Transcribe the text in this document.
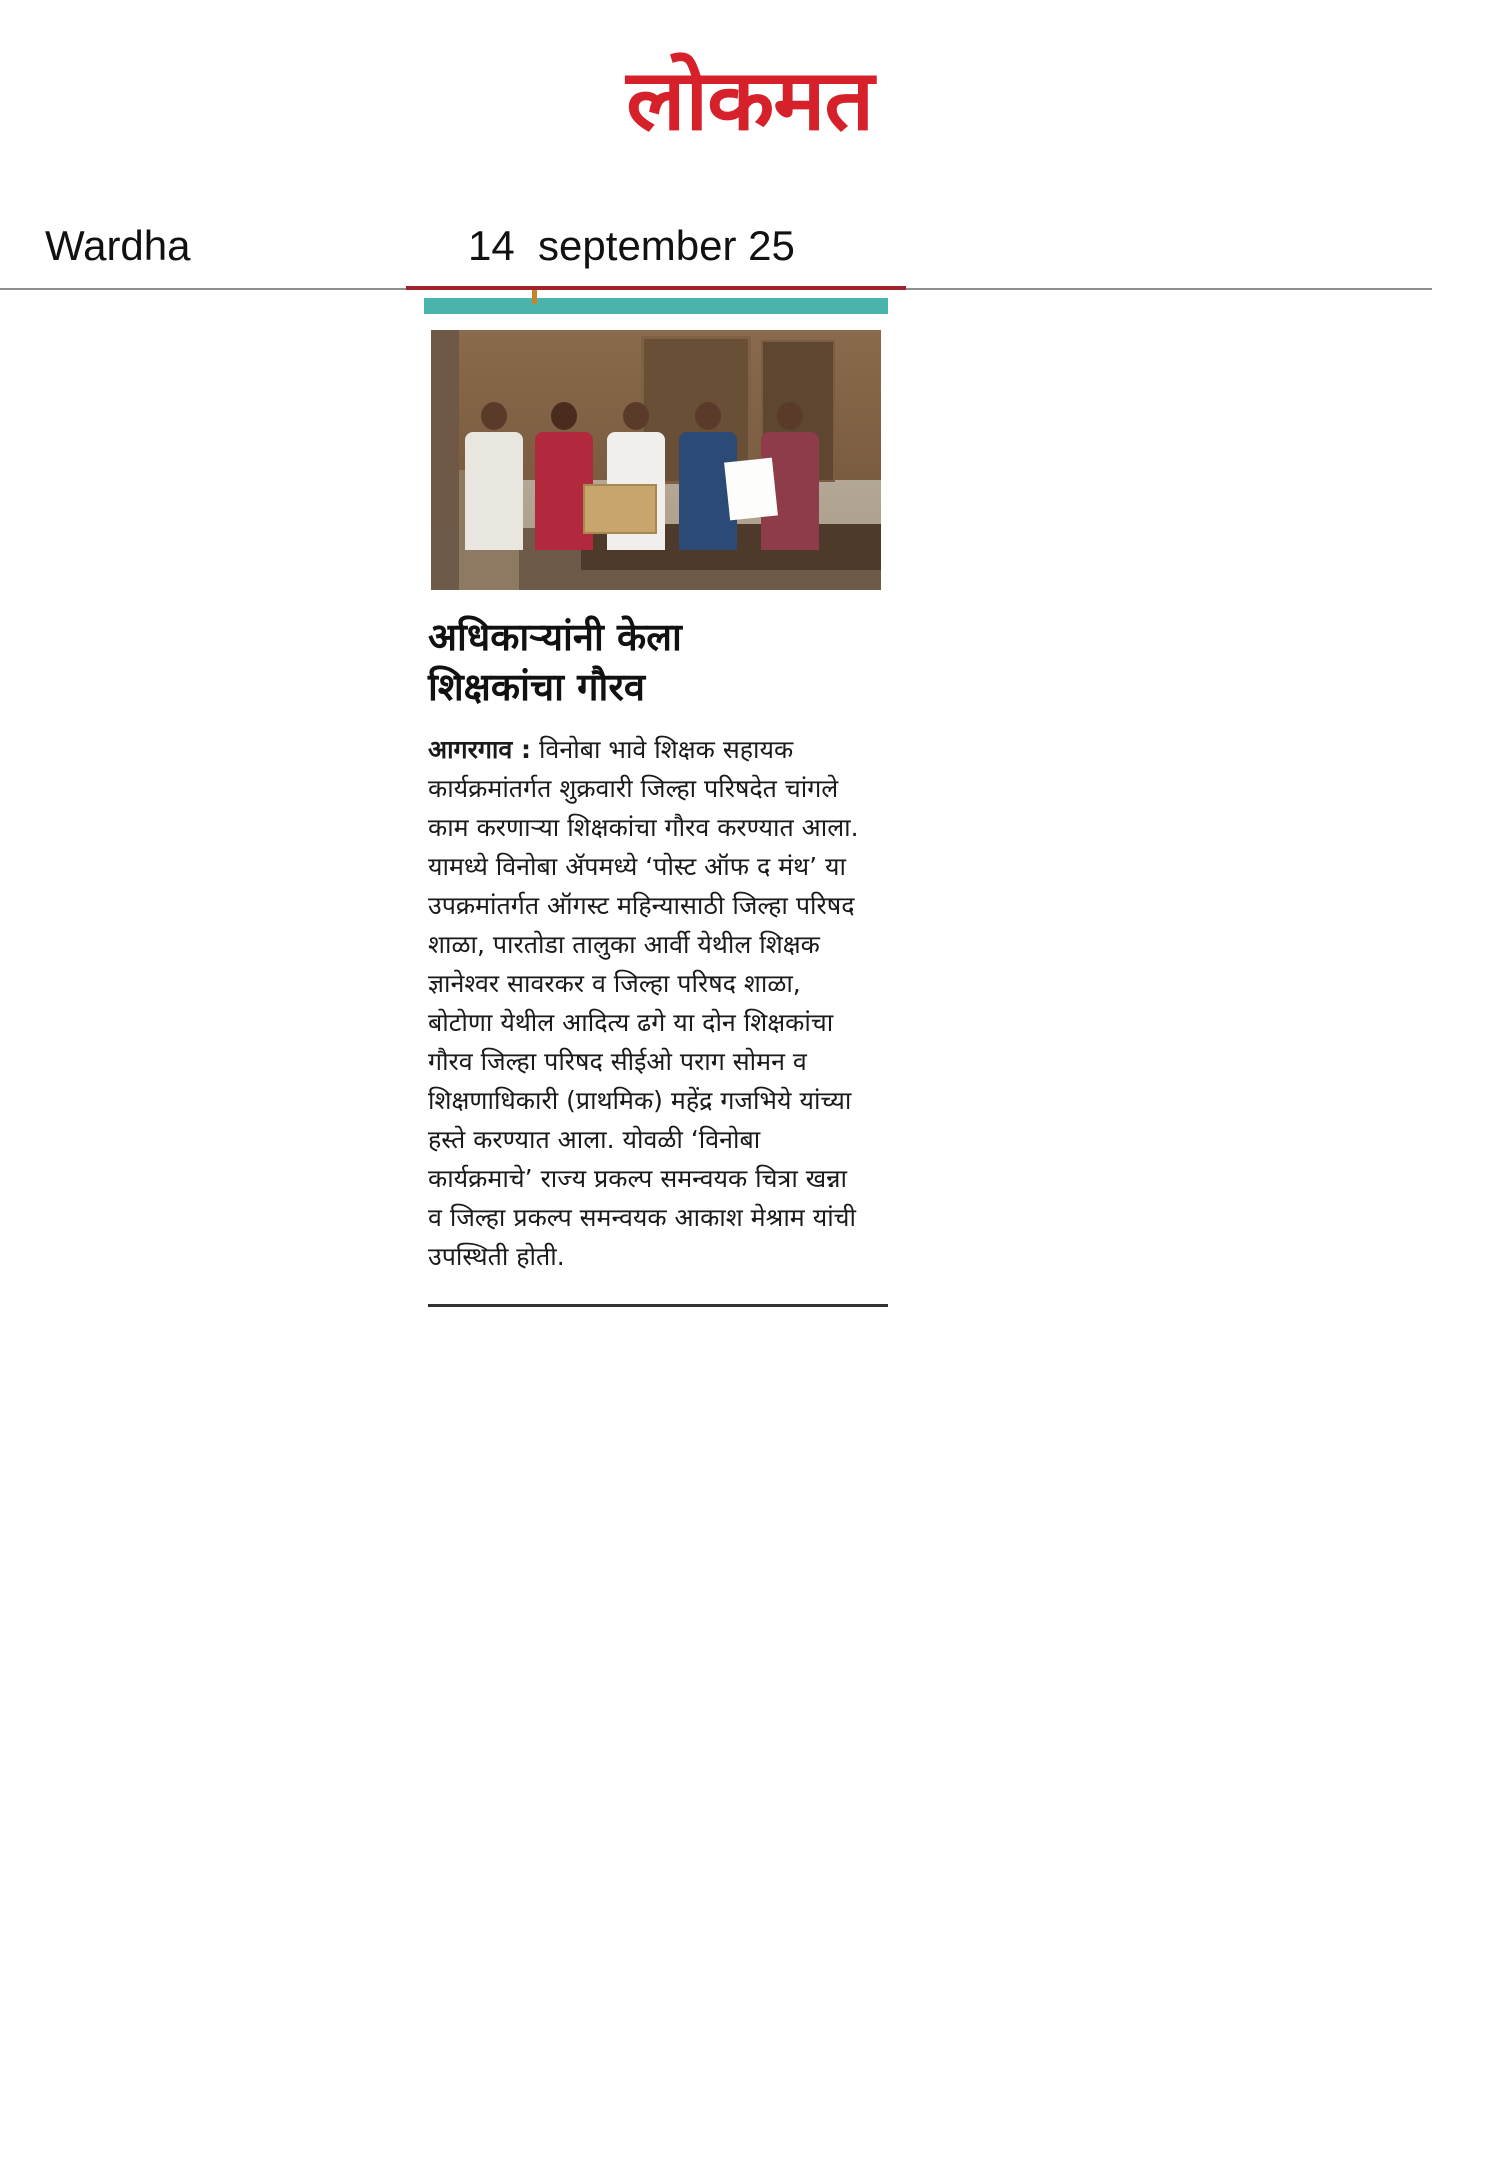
लोकमत
Wardha	14  september 25
अधिकाऱ्यांनी केला
शिक्षकांचा गौरव
आगरगाव : विनोबा भावे शिक्षक सहायक कार्यक्रमांतर्गत शुक्रवारी जिल्हा परिषदेत चांगले काम करणाऱ्या शिक्षकांचा गौरव करण्यात आला. यामध्ये विनोबा ॲपमध्ये ‘पोस्ट ऑफ द मंथ’ या उपक्रमांतर्गत ऑगस्ट महिन्यासाठी जिल्हा परिषद शाळा, पारतोडा तालुका आर्वी येथील शिक्षक ज्ञानेश्वर सावरकर व जिल्हा परिषद शाळा, बोटोणा येथील आदित्य ढगे या दोन शिक्षकांचा गौरव जिल्हा परिषद सीईओ पराग सोमन व शिक्षणाधिकारी (प्राथमिक) महेंद्र गजभिये यांच्या हस्ते करण्यात आला. योवळी ‘विनोबा कार्यक्रमाचे’ राज्य प्रकल्प समन्वयक चित्रा खन्ना व जिल्हा प्रकल्प समन्वयक आकाश मेश्राम यांची उपस्थिती होती.
